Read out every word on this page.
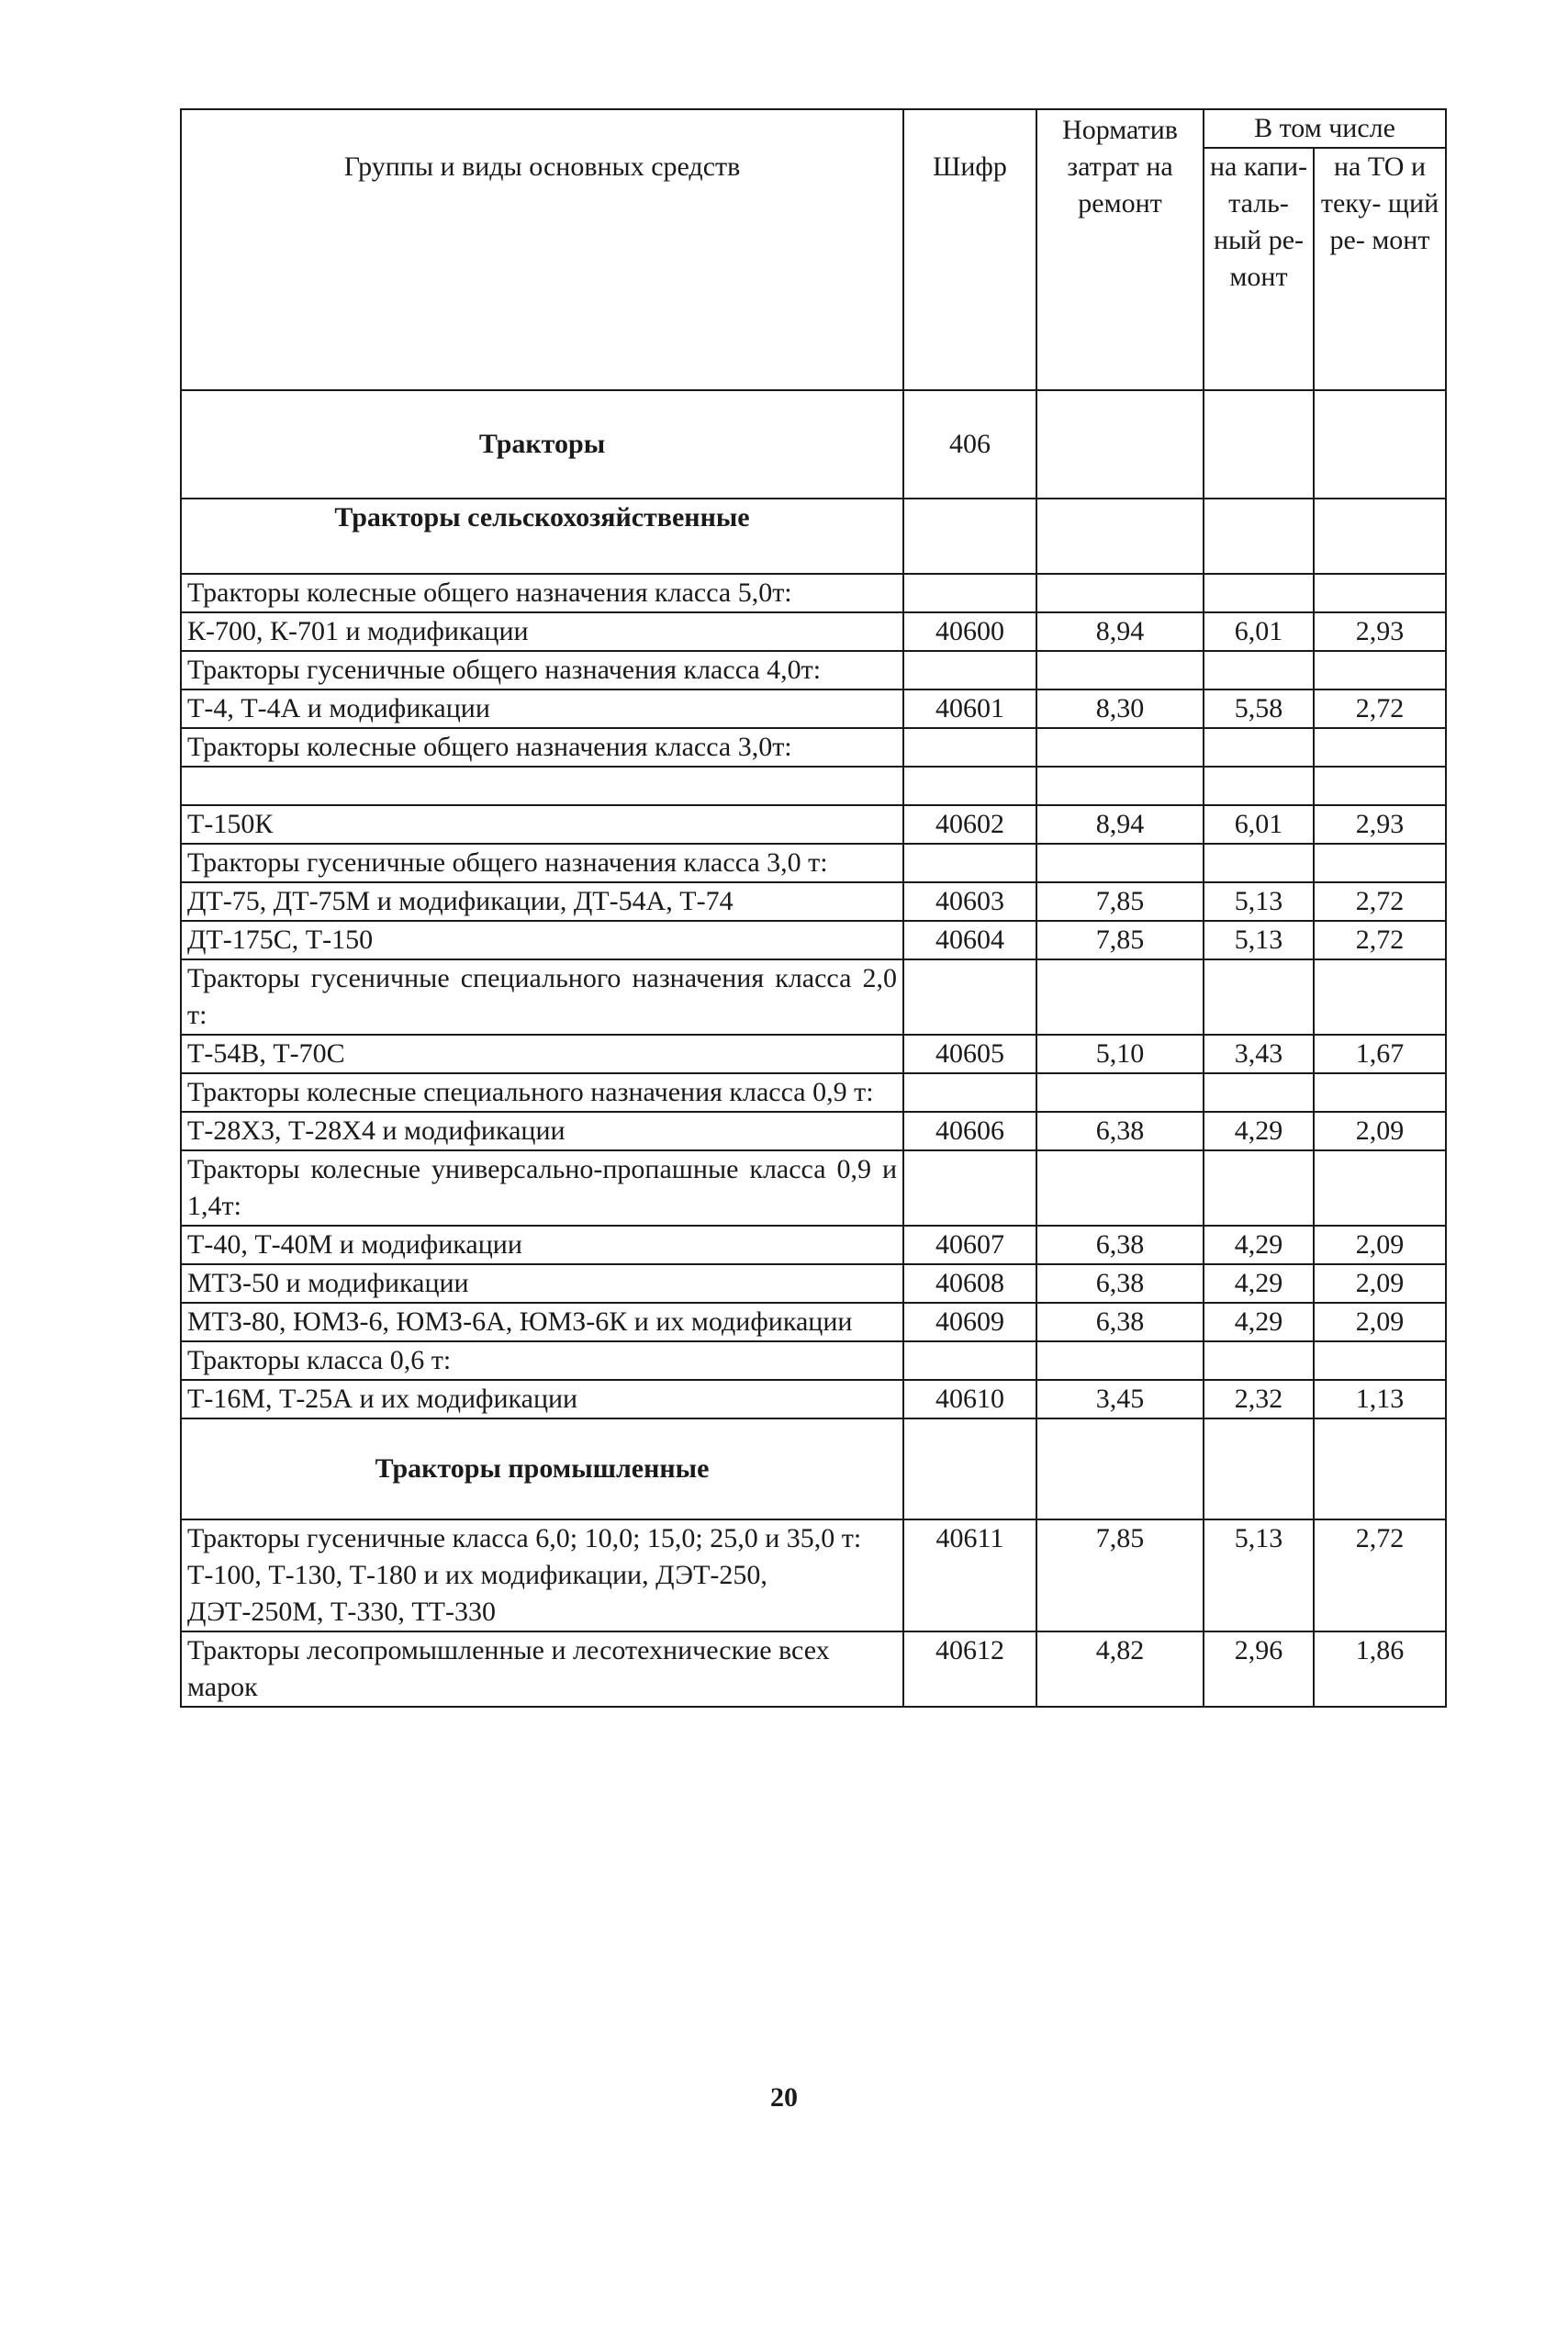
Группы и виды основных средств	Шифр	Норматив затрат на ремонт	В том числе	
			на капи- таль- ный ре- монт	на ТО и теку- щий ре- монт
Тракторы	406			
Тракторы сельскохозяйственные				
Тракторы колесные общего назначения класса 5,0т:				
К-700, К-701 и модификации	40600	8,94	6,01	2,93
Тракторы гусеничные общего назначения класса 4,0т:				
Т-4, Т-4А и модификации	40601	8,30	5,58	2,72
Тракторы колесные общего назначения класса 3,0т:				

Т-150К	40602	8,94	6,01	2,93
Тракторы гусеничные общего назначения класса 3,0 т:				
ДТ-75, ДТ-75М и модификации, ДТ-54А, Т-74	40603	7,85	5,13	2,72
ДТ-175С, Т-150	40604	7,85	5,13	2,72
Тракторы гусеничные специального назначения класса 2,0 т:				
Т-54В, Т-70С	40605	5,10	3,43	1,67
Тракторы колесные специального назначения класса 0,9 т:				
Т-28Х3, Т-28Х4 и модификации	40606	6,38	4,29	2,09
Тракторы колесные универсально-пропашные класса 0,9 и 1,4т:				
Т-40, Т-40М и модификации	40607	6,38	4,29	2,09
МТЗ-50 и модификации	40608	6,38	4,29	2,09
МТЗ-80, ЮМЗ-6, ЮМЗ-6А, ЮМЗ-6К и их модификации	40609	6,38	4,29	2,09
Тракторы класса 0,6 т:				
Т-16М, Т-25А и их модификации	40610	3,45	2,32	1,13
Тракторы промышленные				
Тракторы гусеничные класса 6,0; 10,0; 15,0; 25,0 и 35,0 т: Т-100, Т-130, Т-180 и их модификации, ДЭТ-250, ДЭТ-250М, Т-330, ТТ-330	40611	7,85	5,13	2,72
Тракторы лесопромышленные и лесотехнические всех марок	40612	4,82	2,96	1,86
20
